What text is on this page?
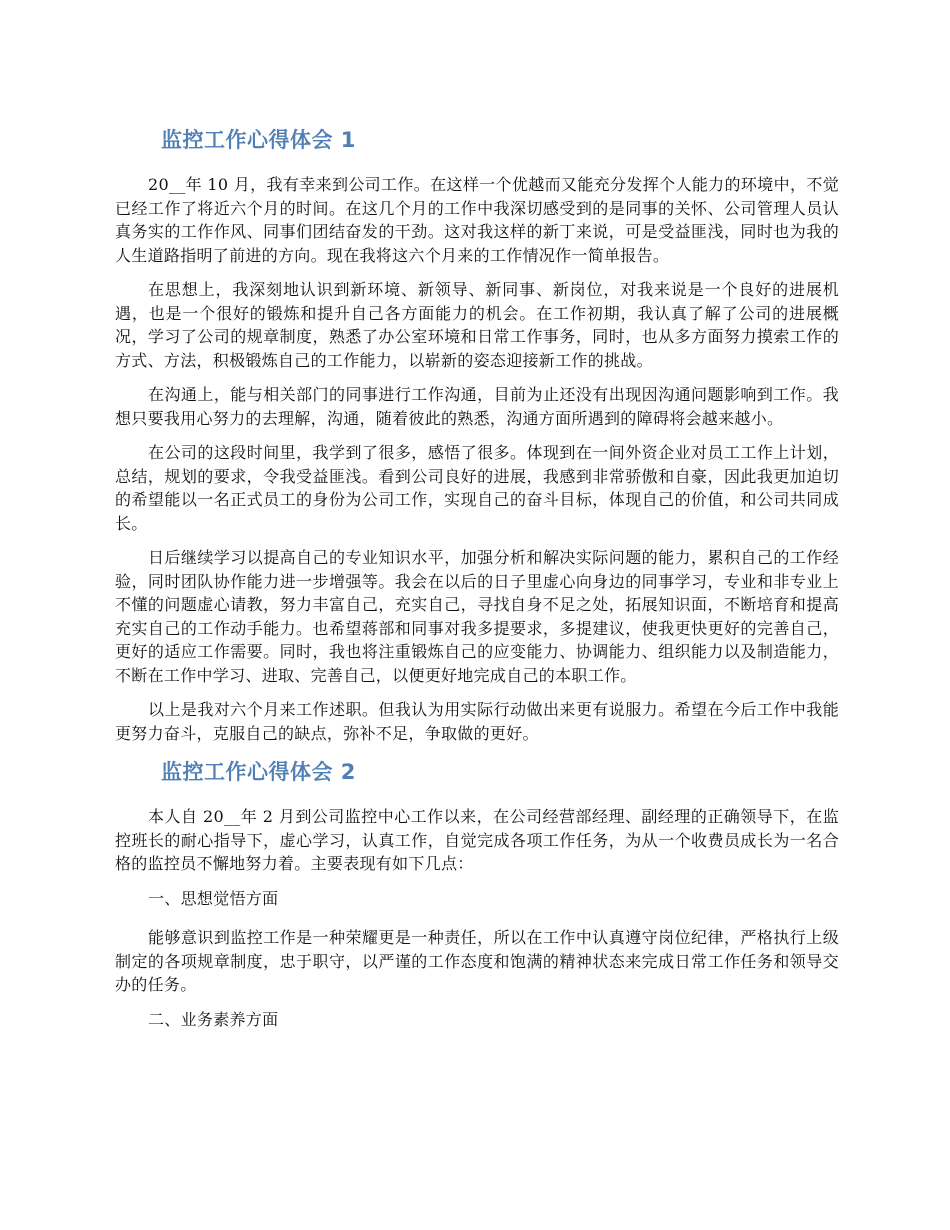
监控工作心得体会 1

20__年 10 月，我有幸来到公司工作。在这样一个优越而又能充分发挥个人能力的环境中，不觉已经工作了将近六个月的时间。在这几个月的工作中我深切感受到的是同事的关怀、公司管理人员认真务实的工作作风、同事们团结奋发的干劲。这对我这样的新丁来说，可是受益匪浅，同时也为我的人生道路指明了前进的方向。现在我将这六个月来的工作情况作一简单报告。

在思想上，我深刻地认识到新环境、新领导、新同事、新岗位，对我来说是一个良好的进展机遇，也是一个很好的锻炼和提升自己各方面能力的机会。在工作初期，我认真了解了公司的进展概况，学习了公司的规章制度，熟悉了办公室环境和日常工作事务，同时，也从多方面努力摸索工作的方式、方法，积极锻炼自己的工作能力，以崭新的姿态迎接新工作的挑战。

在沟通上，能与相关部门的同事进行工作沟通，目前为止还没有出现因沟通问题影响到工作。我想只要我用心努力的去理解，沟通，随着彼此的熟悉，沟通方面所遇到的障碍将会越来越小。

在公司的这段时间里，我学到了很多，感悟了很多。体现到在一间外资企业对员工工作上计划，总结，规划的要求，令我受益匪浅。看到公司良好的进展，我感到非常骄傲和自豪，因此我更加迫切的希望能以一名正式员工的身份为公司工作，实现自己的奋斗目标，体现自己的价值，和公司共同成长。

日后继续学习以提高自己的专业知识水平，加强分析和解决实际问题的能力，累积自己的工作经验，同时团队协作能力进一步增强等。我会在以后的日子里虚心向身边的同事学习，专业和非专业上不懂的问题虚心请教，努力丰富自己，充实自己，寻找自身不足之处，拓展知识面，不断培育和提高充实自己的工作动手能力。也希望蒋部和同事对我多提要求，多提建议，使我更快更好的完善自己，更好的适应工作需要。同时，我也将注重锻炼自己的应变能力、协调能力、组织能力以及制造能力，不断在工作中学习、进取、完善自己，以便更好地完成自己的本职工作。

以上是我对六个月来工作述职。但我认为用实际行动做出来更有说服力。希望在今后工作中我能更努力奋斗，克服自己的缺点，弥补不足，争取做的更好。

监控工作心得体会 2

本人自 20__年 2 月到公司监控中心工作以来，在公司经营部经理、副经理的正确领导下，在监控班长的耐心指导下，虚心学习，认真工作，自觉完成各项工作任务，为从一个收费员成长为一名合格的监控员不懈地努力着。主要表现有如下几点：

一、思想觉悟方面

能够意识到监控工作是一种荣耀更是一种责任，所以在工作中认真遵守岗位纪律，严格执行上级制定的各项规章制度，忠于职守，以严谨的工作态度和饱满的精神状态来完成日常工作任务和领导交办的任务。

二、业务素养方面
